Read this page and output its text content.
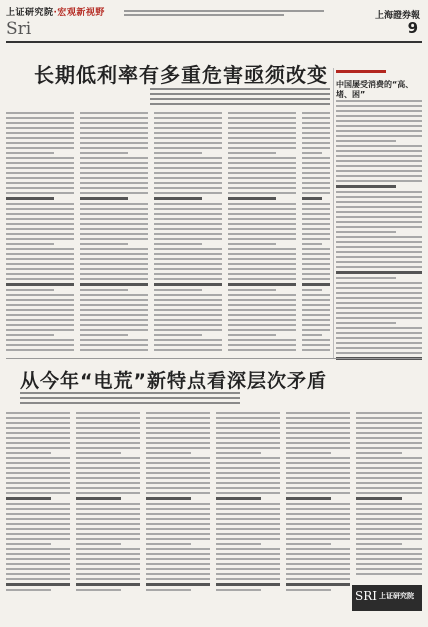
上证研究院·宏观新视野
Sri
上海證券報
9
长期低利率有多重危害亟须改变
从今年“电荒”新特点看深层次矛盾
中国屡受消费的“高、堵、困”
SRI 上证研究院
